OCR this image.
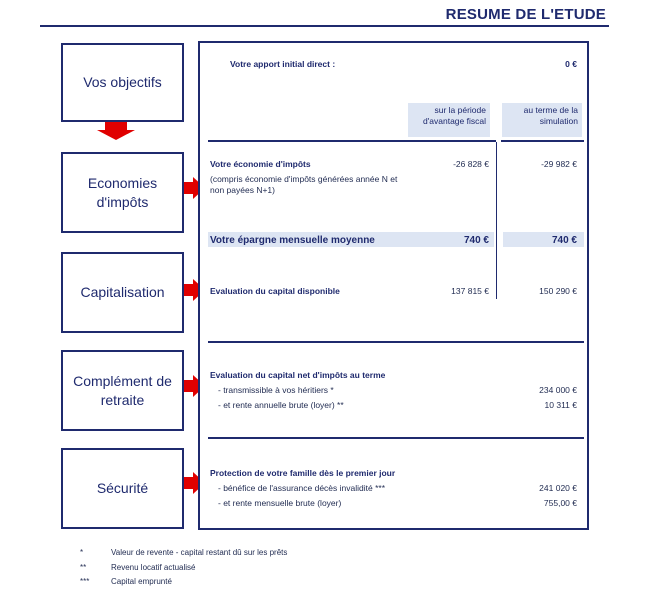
RESUME DE L'ETUDE
Vos objectifs
Economies d'impôts
Capitalisation
Complément de retraite
Sécurité
Votre apport initial direct :	0 €
sur la période d'avantage fiscal
au terme de la simulation
Votre économie d'impôts
(compris économie d'impôts générées année N et non payées N+1)
-26 828 €	-29 982 €
Votre épargne mensuelle moyenne	740 €	740 €
Evaluation du capital disponible	137 815 €	150 290 €
Evaluation du capital net d'impôts au terme
- transmissible à vos héritiers *	234 000 €
- et rente annuelle brute (loyer) **	10 311 €
Protection de votre famille dès le premier jour
- bénéfice de l'assurance décès invalidité ***	241 020 €
- et rente mensuelle brute (loyer)	755,00 €
*	Valeur de revente - capital restant dû sur les prêts
**	Revenu locatif actualisé
***	Capital emprunté
